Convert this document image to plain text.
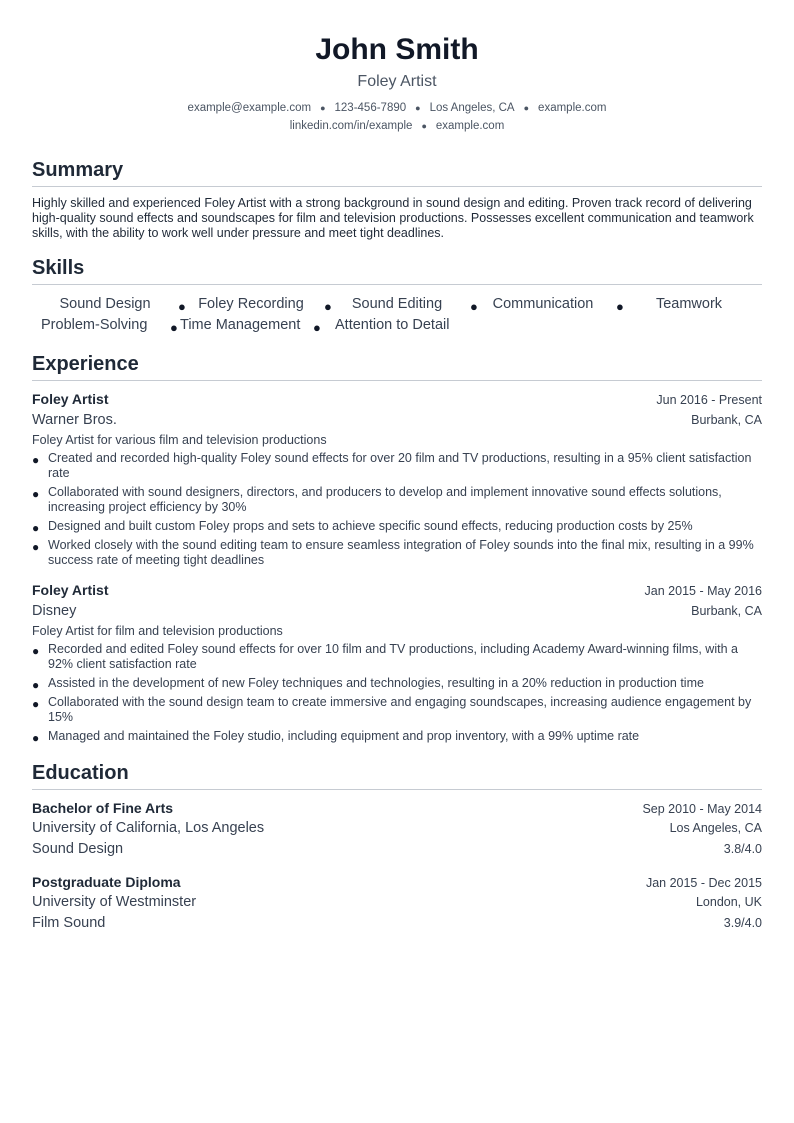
John Smith
Foley Artist
example@example.com ● 123-456-7890 ● Los Angeles, CA ● example.com
linkedin.com/in/example ● example.com
Summary
Highly skilled and experienced Foley Artist with a strong background in sound design and editing. Proven track record of delivering high-quality sound effects and soundscapes for film and television productions. Possesses excellent communication and teamwork skills, with the ability to work well under pressure and meet tight deadlines.
Skills
Sound Design	● Foley Recording	●	Sound Editing	●	Communication	●	Teamwork
Problem-Solving	● Time Management ● Attention to Detail
Experience
Foley Artist	Jun 2016 - Present
Warner Bros.	Burbank, CA
Foley Artist for various film and television productions
● Created and recorded high-quality Foley sound effects for over 20 film and TV productions, resulting in a 95% client satisfaction rate
● Collaborated with sound designers, directors, and producers to develop and implement innovative sound effects solutions, increasing project efficiency by 30%
● Designed and built custom Foley props and sets to achieve specific sound effects, reducing production costs by 25%
● Worked closely with the sound editing team to ensure seamless integration of Foley sounds into the final mix, resulting in a 99% success rate of meeting tight deadlines
Foley Artist	Jan 2015 - May 2016
Disney	Burbank, CA
Foley Artist for film and television productions
● Recorded and edited Foley sound effects for over 10 film and TV productions, including Academy Award-winning films, with a 92% client satisfaction rate
● Assisted in the development of new Foley techniques and technologies, resulting in a 20% reduction in production time
● Collaborated with the sound design team to create immersive and engaging soundscapes, increasing audience engagement by 15%
● Managed and maintained the Foley studio, including equipment and prop inventory, with a 99% uptime rate
Education
Bachelor of Fine Arts	Sep 2010 - May 2014
University of California, Los Angeles	Los Angeles, CA
Sound Design	3.8/4.0
Postgraduate Diploma	Jan 2015 - Dec 2015
University of Westminster	London, UK
Film Sound	3.9/4.0
